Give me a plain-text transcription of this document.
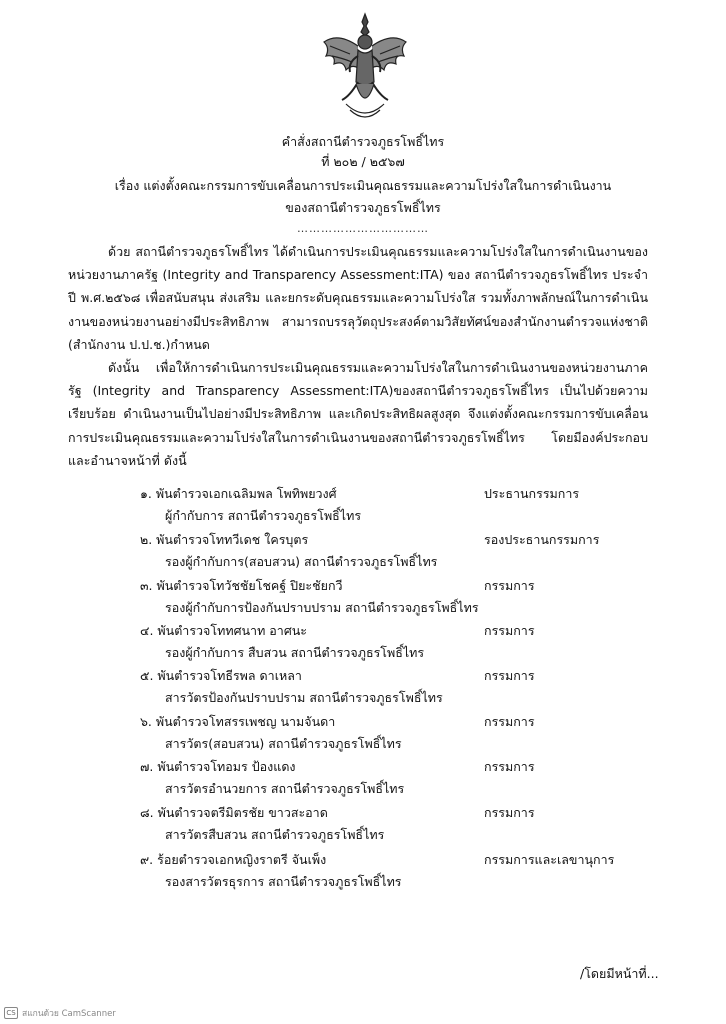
คำสั่งสถานีตำรวจภูธรโพธิ์ไทร
ที่ ๒๐๒ / ๒๕๖๗
เรื่อง แต่งตั้งคณะกรรมการขับเคลื่อนการประเมินคุณธรรมและความโปร่งใสในการดำเนินงาน
ของสถานีตำรวจภูธรโพธิ์ไทร
……………………………

ด้วย สถานีตำรวจภูธรโพธิ์ไทร ได้ดำเนินการประเมินคุณธรรมและความโปร่งใสในการดำเนินงานของหน่วยงานภาครัฐ (Integrity and Transparency Assessment:ITA) ของ สถานีตำรวจภูธรโพธิ์ไทร ประจำปี พ.ศ.๒๕๖๘ เพื่อสนับสนุน ส่งเสริม และยกระดับคุณธรรมและความโปร่งใส รวมทั้งภาพลักษณ์ในการดำเนินงานของหน่วยงานอย่างมีประสิทธิภาพ สามารถบรรลุวัตถุประสงค์ตามวิสัยทัศน์ของสำนักงานตำรวจแห่งชาติ (สำนักงาน ป.ป.ช.)กำหนด

ดังนั้น เพื่อให้การดำเนินการประเมินคุณธรรมและความโปร่งใสในการดำเนินงานของหน่วยงานภาครัฐ (Integrity and Transparency Assessment:ITA)ของสถานีตำรวจภูธรโพธิ์ไทร เป็นไปด้วยความเรียบร้อย ดำเนินงานเป็นไปอย่างมีประสิทธิภาพ และเกิดประสิทธิผลสูงสุด จึงแต่งตั้งคณะกรรมการขับเคลื่อนการประเมินคุณธรรมและความโปร่งใสในการดำเนินงานของสถานีตำรวจภูธรโพธิ์ไทร โดยมีองค์ประกอบและอำนาจหน้าที่ ดังนี้

๑. พันตำรวจเอกเฉลิมพล โพทิพยวงศ์	ประธานกรรมการ
ผู้กำกับการ สถานีตำรวจภูธรโพธิ์ไทร
๒. พันตำรวจโททวีเดช ใครบุตร	รองประธานกรรมการ
รองผู้กำกับการ(สอบสวน) สถานีตำรวจภูธรโพธิ์ไทร
๓. พันตำรวจโทวัชชัยโชคฐ์ ปิยะชัยกวี	กรรมการ
รองผู้กำกับการป้องกันปราบปราม สถานีตำรวจภูธรโพธิ์ไทร
๔. พันตำรวจโททศนาท อาศนะ	กรรมการ
รองผู้กำกับการ สืบสวน สถานีตำรวจภูธรโพธิ์ไทร
๕. พันตำรวจโทธีรพล ดาเหลา	กรรมการ
สารวัตรป้องกันปราบปราม สถานีตำรวจภูธรโพธิ์ไทร
๖. พันตำรวจโทสรรเพชญ นามจันดา	กรรมการ
สารวัตร(สอบสวน) สถานีตำรวจภูธรโพธิ์ไทร
๗. พันตำรวจโทอมร ป้องแดง	กรรมการ
สารวัตรอำนวยการ สถานีตำรวจภูธรโพธิ์ไทร
๘. พันตำรวจตรีมิตรชัย ขาวสะอาด	กรรมการ
สารวัตรสืบสวน สถานีตำรวจภูธรโพธิ์ไทร
๙. ร้อยตำรวจเอกหญิงราตรี จันเพ็ง	กรรมการและเลขานุการ
รองสารวัตรธุรการ สถานีตำรวจภูธรโพธิ์ไทร
/โดยมีหน้าที่...
CS สแกนด้วย CamScanner
